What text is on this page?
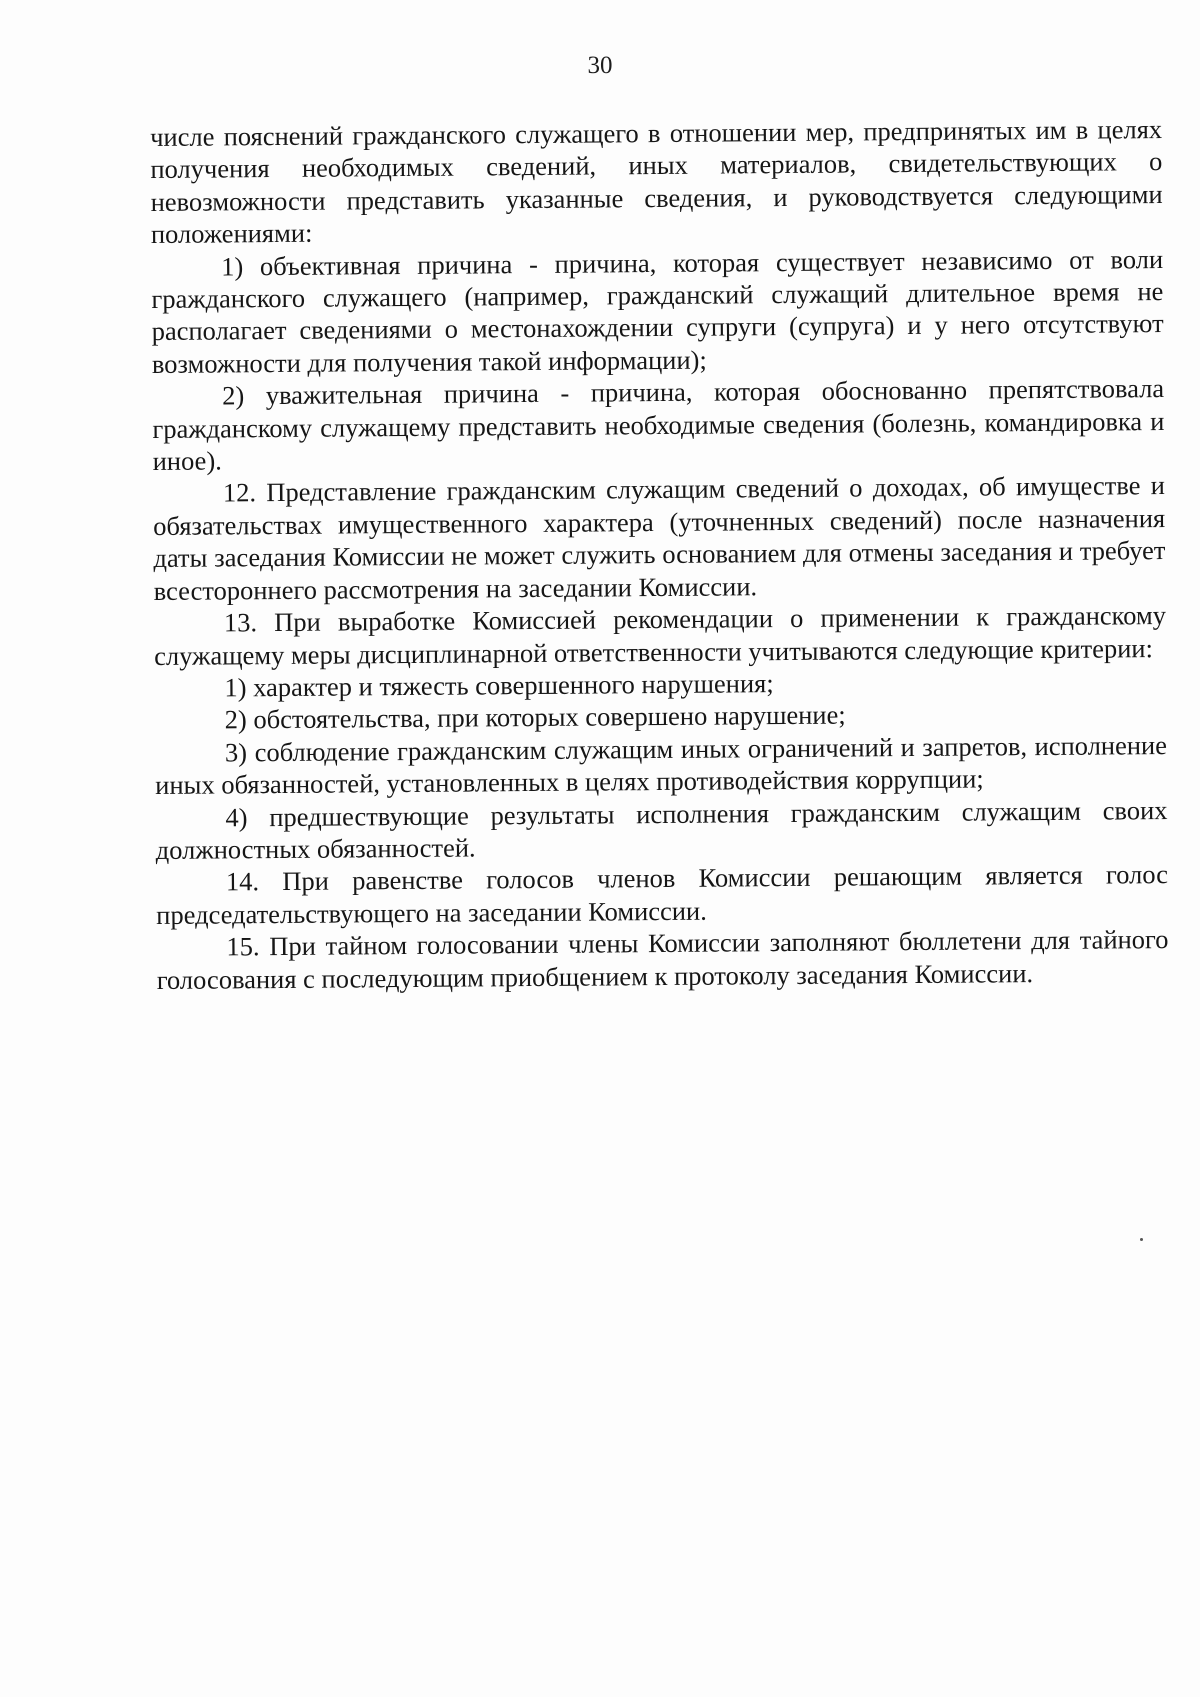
30

числе пояснений гражданского служащего в отношении мер, предпринятых им в целях получения необходимых сведений, иных материалов, свидетельствующих о невозможности представить указанные сведения, и руководствуется следующими положениями:

1) объективная причина - причина, которая существует независимо от воли гражданского служащего (например, гражданский служащий длительное время не располагает сведениями о местонахождении супруги (супруга) и у него отсутствуют возможности для получения такой информации);

2) уважительная причина - причина, которая обоснованно препятствовала гражданскому служащему представить необходимые сведения (болезнь, командировка и иное).

12. Представление гражданским служащим сведений о доходах, об имуществе и обязательствах имущественного характера (уточненных сведений) после назначения даты заседания Комиссии не может служить основанием для отмены заседания и требует всестороннего рассмотрения на заседании Комиссии.

13. При выработке Комиссией рекомендации о применении к гражданскому служащему меры дисциплинарной ответственности учитываются следующие критерии:

1) характер и тяжесть совершенного нарушения;

2) обстоятельства, при которых совершено нарушение;

3) соблюдение гражданским служащим иных ограничений и запретов, исполнение иных обязанностей, установленных в целях противодействия коррупции;

4) предшествующие результаты исполнения гражданским служащим своих должностных обязанностей.

14. При равенстве голосов членов Комиссии решающим является голос председательствующего на заседании Комиссии.

15. При тайном голосовании члены Комиссии заполняют бюллетени для тайного голосования с последующим приобщением к протоколу заседания Комиссии.
